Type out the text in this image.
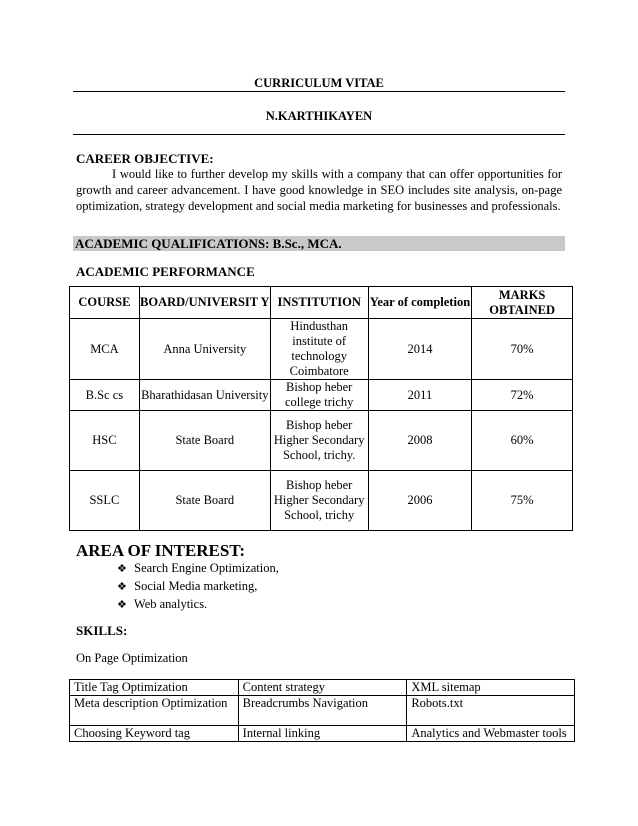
CURRICULUM VITAE
N.KARTHIKAYEN
CAREER OBJECTIVE:
I would like to further develop my skills with a company that can offer opportunities for growth and career advancement. I have good knowledge in SEO includes site analysis, on-page optimization, strategy development and social media marketing for businesses and professionals.
ACADEMIC QUALIFICATIONS: B.Sc., MCA.
ACADEMIC PERFORMANCE
COURSE	BOARD/UNIVERSIT Y	INSTITUTION	Year of completion	MARKS OBTAINED
MCA	Anna University	Hindusthan institute of technology Coimbatore	2014	70%
B.Sc cs	Bharathidasan University	Bishop heber college trichy	2011	72%
HSC	State Board	Bishop heber Higher Secondary School, trichy.	2008	60%
SSLC	State Board	Bishop heber Higher Secondary School, trichy	2006	75%
AREA OF INTEREST:
❖ Search Engine Optimization,
❖ Social Media marketing,
❖ Web analytics.
SKILLS:
On Page Optimization
Title Tag Optimization	Content strategy	XML sitemap
Meta description Optimization	Breadcrumbs Navigation	Robots.txt
Choosing Keyword tag	Internal linking	Analytics and Webmaster tools
